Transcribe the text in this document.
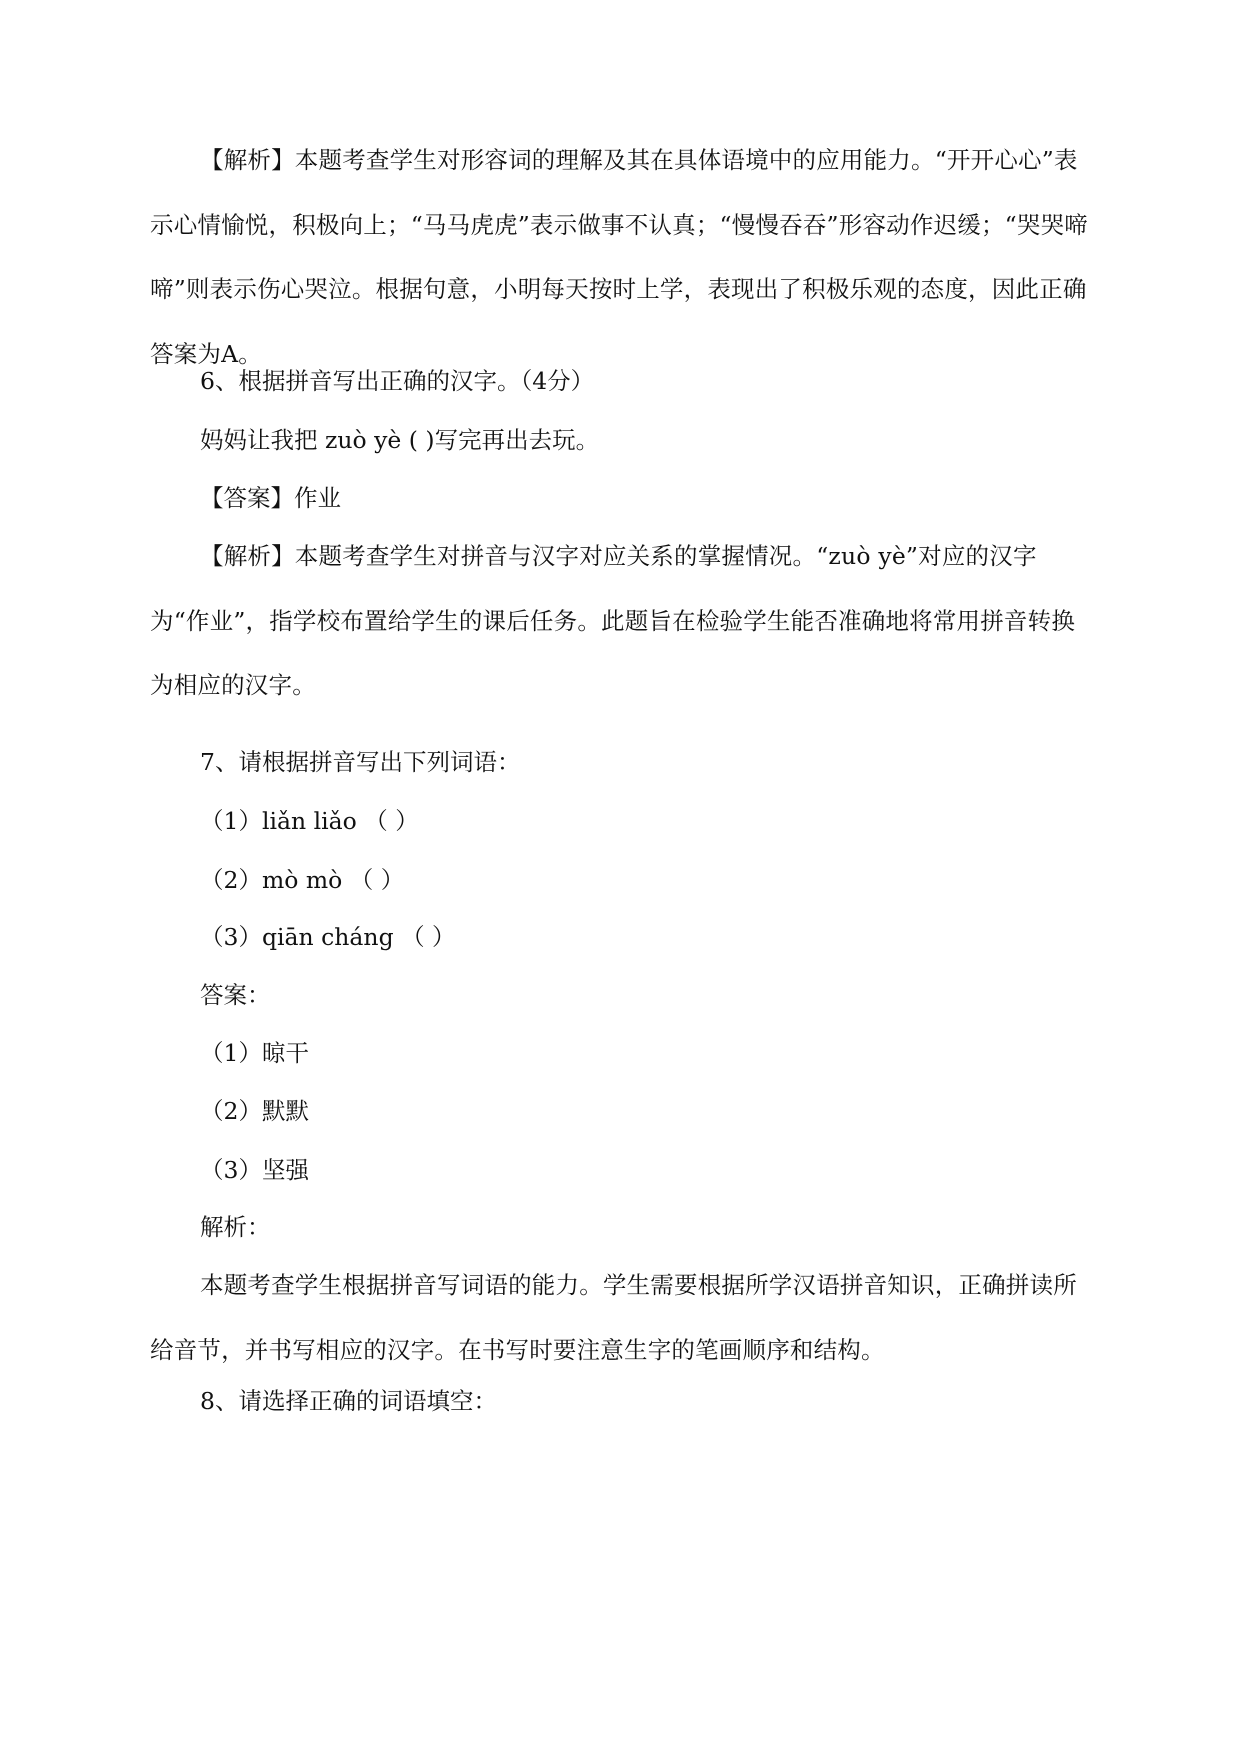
【解析】本题考查学生对形容词的理解及其在具体语境中的应用能力。“开开心心”表示心情愉悦，积极向上；“马马虎虎”表示做事不认真；“慢慢吞吞”形容动作迟缓；“哭哭啼啼”则表示伤心哭泣。根据句意，小明每天按时上学，表现出了积极乐观的态度，因此正确答案为A。

6、根据拼音写出正确的汉字。（4分）

妈妈让我把 zuò yè ( )写完再出去玩。

【答案】作业

【解析】本题考查学生对拼音与汉字对应关系的掌握情况。“zuò yè”对应的汉字为“作业”，指学校布置给学生的课后任务。此题旨在检验学生能否准确地将常用拼音转换为相应的汉字。

7、请根据拼音写出下列词语：

（1）liǎn liǎo （ ）

（2）mò mò （ ）

（3）qiān cháng （ ）

答案：

（1）晾干

（2）默默

（3）坚强

解析：

本题考查学生根据拼音写词语的能力。学生需要根据所学汉语拼音知识，正确拼读所给音节，并书写相应的汉字。在书写时要注意生字的笔画顺序和结构。

8、请选择正确的词语填空：
